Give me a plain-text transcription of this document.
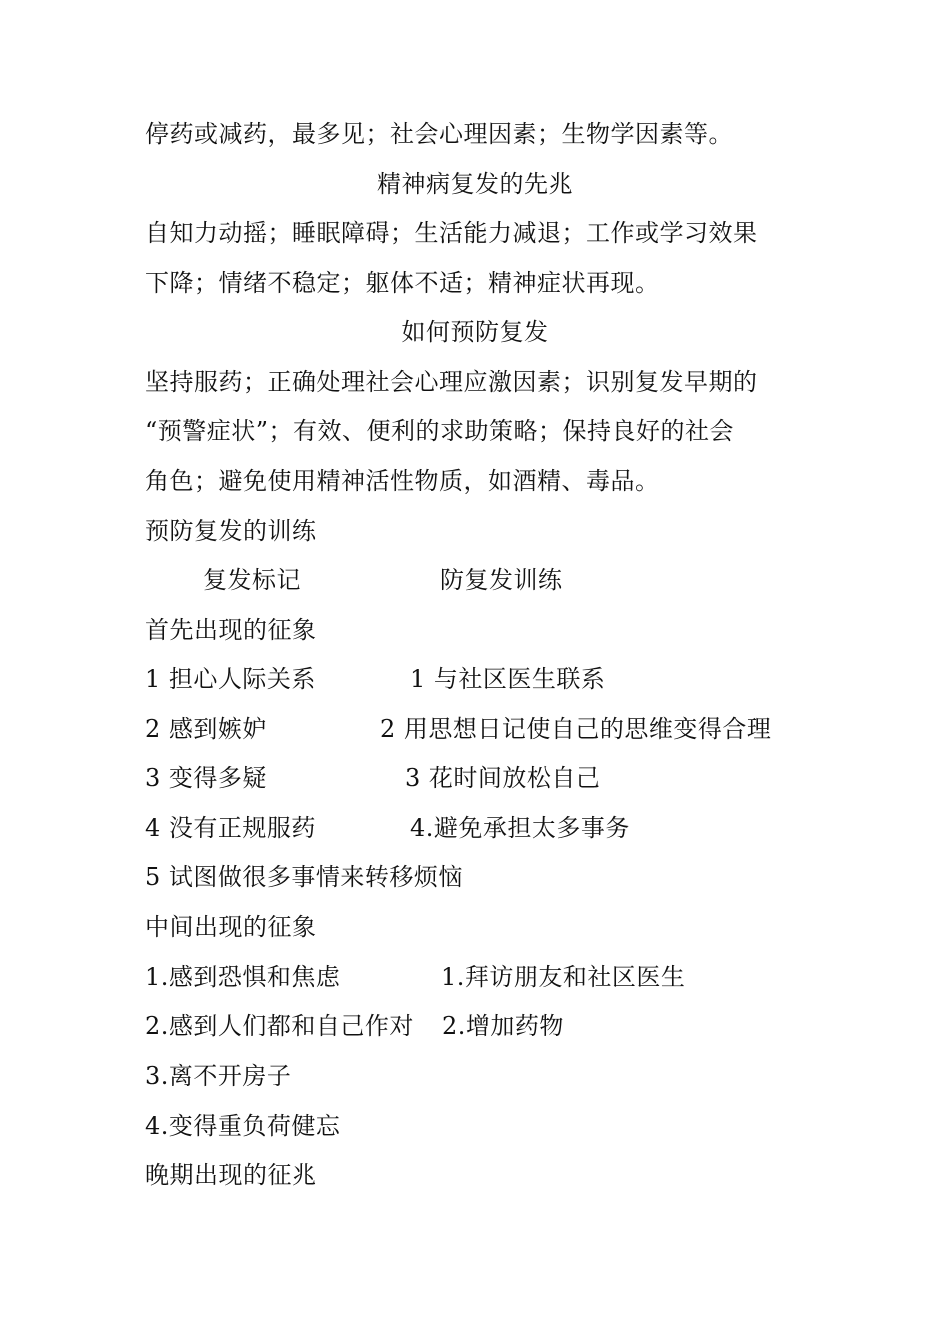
停药或减药，最多见；社会心理因素；生物学因素等。
精神病复发的先兆
自知力动摇；睡眠障碍；生活能力减退；工作或学习效果
下降；情绪不稳定；躯体不适；精神症状再现。
如何预防复发
坚持服药；正确处理社会心理应激因素；识别复发早期的
“预警症状”；有效、便利的求助策略；保持良好的社会
角色；避免使用精神活性物质，如酒精、毒品。
预防复发的训练
复发标记	防复发训练
首先出现的征象
1 担心人际关系	1 与社区医生联系
2 感到嫉妒	2 用思想日记使自己的思维变得合理
3 变得多疑	3 花时间放松自己
4 没有正规服药	4.避免承担太多事务
5 试图做很多事情来转移烦恼
中间出现的征象
1.感到恐惧和焦虑	1.拜访朋友和社区医生
2.感到人们都和自己作对 2.增加药物
3.离不开房子
4.变得重负荷健忘
晚期出现的征兆
